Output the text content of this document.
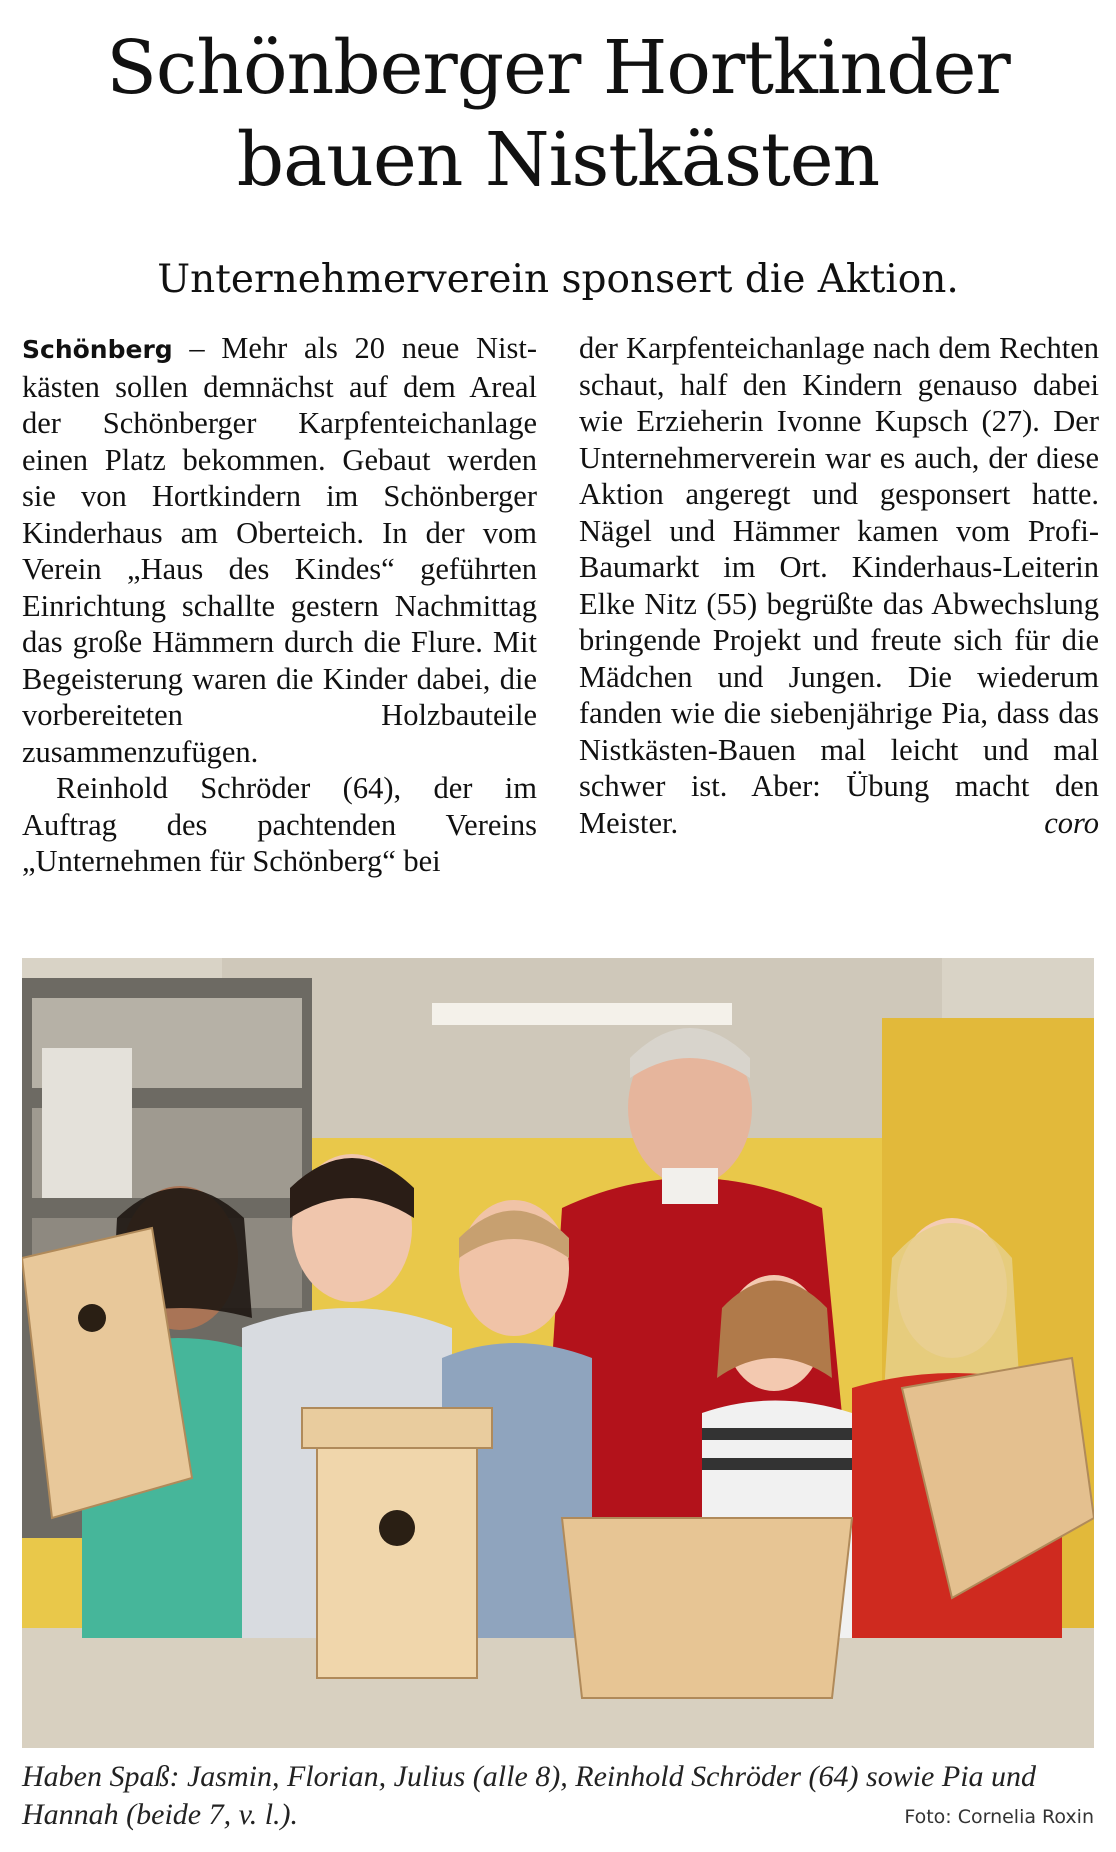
Schönberger Hortkinder
bauen Nistkästen
Unternehmerverein sponsert die Aktion.

Schönberg – Mehr als 20 neue Nistkästen sollen demnächst auf dem Areal der Schönberger Karpfenteichanlage einen Platz bekommen. Gebaut werden sie von Hortkindern im Schönberger Kinderhaus am Oberteich. In der vom Verein „Haus des Kindes“ geführten Einrichtung schallte gestern Nachmittag das große Hämmern durch die Flure. Mit Begeisterung waren die Kinder dabei, die vorbereiteten Holzbauteile zusammenzufügen.

Reinhold Schröder (64), der im Auftrag des pachtenden Vereins „Unternehmen für Schönberg“ bei

der Karpfenteichanlage nach dem Rechten schaut, half den Kindern genauso dabei wie Erzieherin Ivonne Kupsch (27). Der Unternehmerverein war es auch, der diese Aktion angeregt und gesponsert hatte. Nägel und Hämmer kamen vom Profi-Baumarkt im Ort. Kinderhaus-Leiterin Elke Nitz (55) begrüßte das Abwechslung bringende Projekt und freute sich für die Mädchen und Jungen. Die wiederum fanden wie die siebenjährige Pia, dass das Nistkästen-Bauen mal leicht und mal schwer ist. Aber: Übung macht den Meister.	coro
Haben Spaß: Jasmin, Florian, Julius (alle 8), Reinhold Schröder (64) sowie Pia und Hannah (beide 7, v. l.).	Foto: Cornelia Roxin
